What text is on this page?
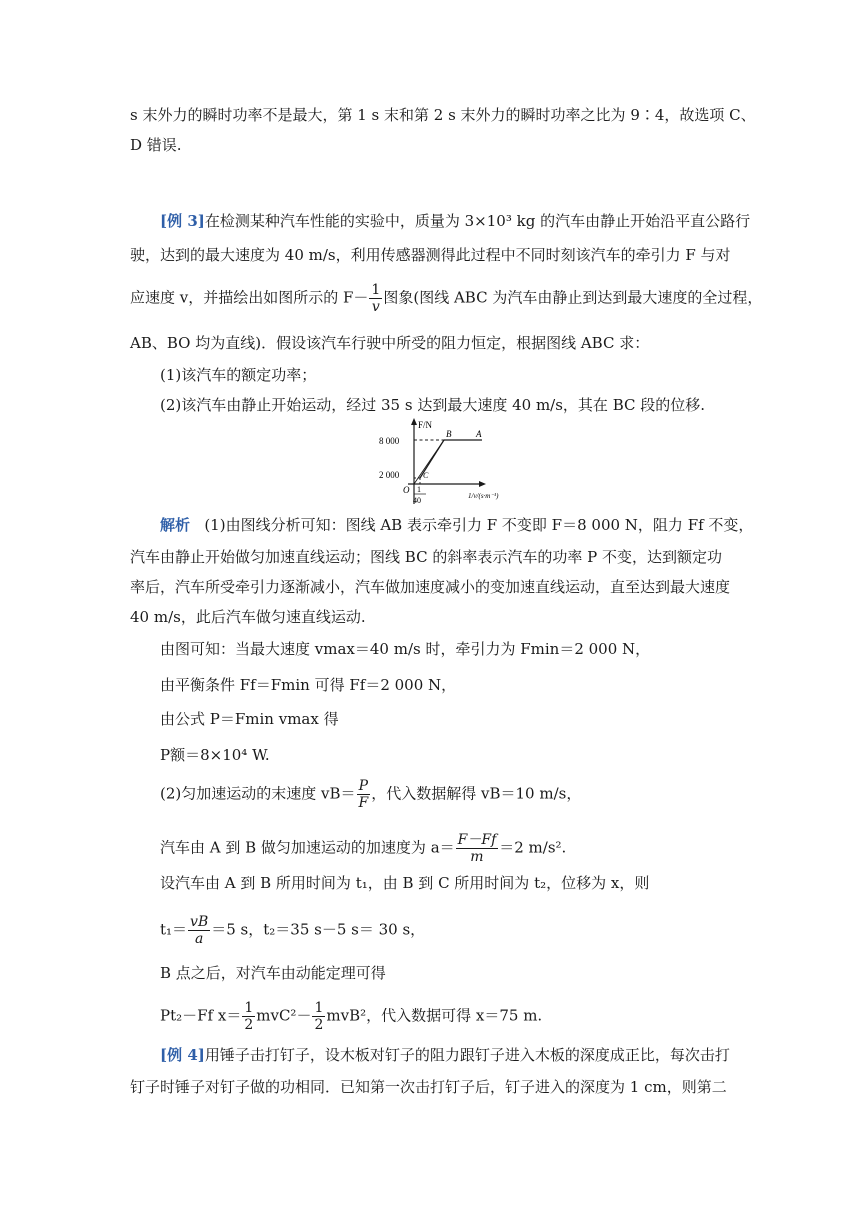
s 末外力的瞬时功率不是最大，第 1 s 末和第 2 s 末外力的瞬时功率之比为 9∶4，故选项 C、
D 错误.
[例 3]在检测某种汽车性能的实验中，质量为 3×10³ kg 的汽车由静止开始沿平直公路行
驶，达到的最大速度为 40 m/s，利用传感器测得此过程中不同时刻该汽车的牵引力 F 与对
应速度 v，并描绘出如图所示的 $F- \frac{1}{v}$ 图象(图线 ABC 为汽车由静止到达到最大速度的全过程，
AB、BO 均为直线)．假设该汽车行驶中所受的阻力恒定，根据图线 ABC 求：
(1)该汽车的额定功率；
(2)该汽车由静止开始运动，经过 35 s 达到最大速度 40 m/s，其在 BC 段的位移.
F/N
8 000
2 000
O
B	A
C
1
40	1/v/(s·m⁻¹)
解析 (1)由图线分析可知：图线 AB 表示牵引力 F 不变即 F＝8 000 N，阻力 Ff 不变，
汽车由静止开始做匀加速直线运动；图线 BC 的斜率表示汽车的功率 P 不变，达到额定功
率后，汽车所受牵引力逐渐减小，汽车做加速度减小的变加速直线运动，直至达到最大速度
40 m/s，此后汽车做匀速直线运动.
由图可知：当最大速度 vmax＝40 m/s 时，牵引力为 Fmin＝2 000 N，
由平衡条件 Ff＝Fmin 可得 Ff＝2 000 N，
由公式 P＝Fmin vmax 得
P额＝8×10⁴ W.
(2)匀加速运动的末速度 $vB= \frac{P}{F}$ ，代入数据解得 vB＝10 m/s，
汽车由 A 到 B 做匀加速运动的加速度为 $a= \frac{F-Ff}{m} =2$ m/s².
设汽车由 A 到 B 所用时间为 t₁，由 B 到 C 所用时间为 t₂，位移为 x，则
$t_1= \frac{vB}{a} =5$ s，t₂＝35 s－5 s＝ 30 s，
B 点之后，对汽车由动能定理可得
Pt₂－Ff $x= \frac{1}{2} mvC^2- \frac{1}{2} mvB^2$，代入数据可得 x＝75 m.
[例 4]用锤子击打钉子，设木板对钉子的阻力跟钉子进入木板的深度成正比，每次击打
钉子时锤子对钉子做的功相同．已知第一次击打钉子后，钉子进入的深度为 1 cm，则第二
